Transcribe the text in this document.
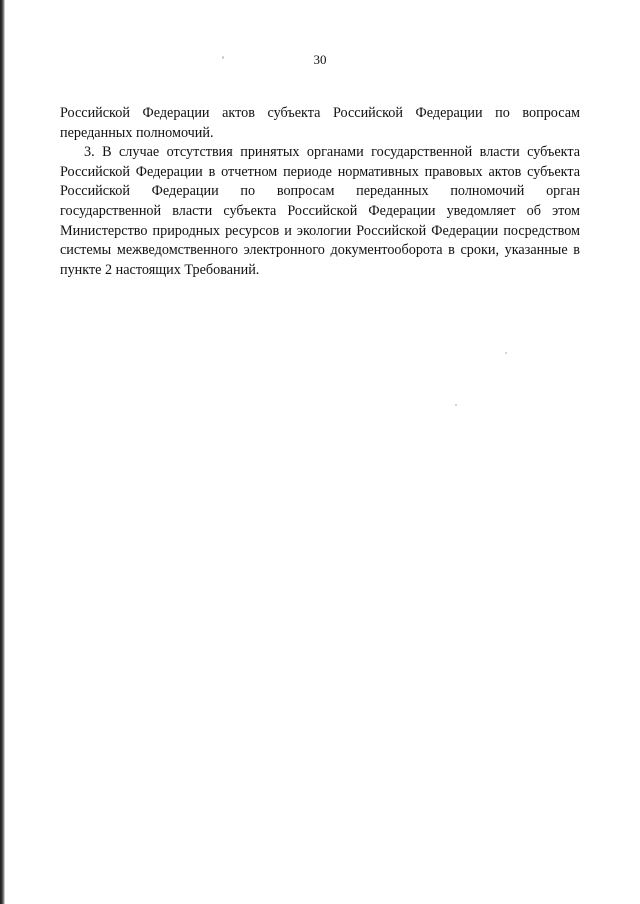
30
Российской Федерации актов субъекта Российской Федерации по вопросам
переданных полномочий.
3. В случае отсутствия принятых органами государственной власти субъекта
Российской Федерации в отчетном периоде нормативных правовых актов субъекта
Российской Федерации по вопросам переданных полномочий орган
государственной власти субъекта Российской Федерации уведомляет об этом
Министерство природных ресурсов и экологии Российской Федерации посредством
системы межведомственного электронного документооборота в сроки, указанные в
пункте 2 настоящих Требований.
